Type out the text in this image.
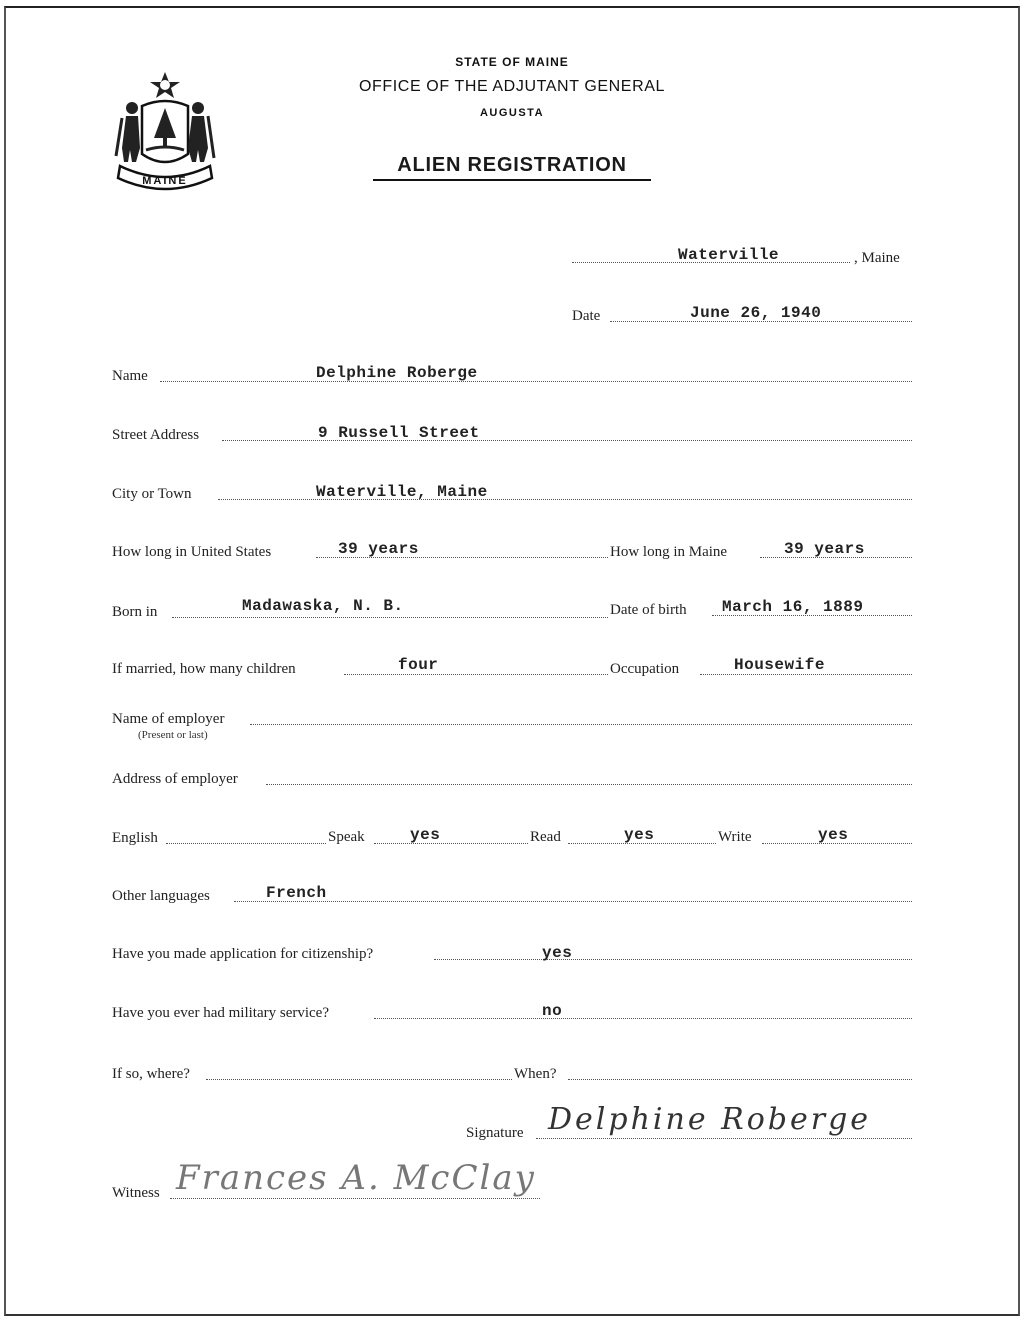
MAINE
STATE OF MAINE
OFFICE OF THE ADJUTANT GENERAL
AUGUSTA
ALIEN REGISTRATION
Waterville	, Maine
Date	June 26, 1940
Name	Delphine Roberge
Street Address	9 Russell Street
City or Town	Waterville, Maine
How long in United States	39 years	How long in Maine	39 years
Born in	Madawaska, N. B.	Date of birth March 16, 1889
If married, how many children	four	Occupation	Housewife
Name of employer
(Present or last)
Address of employer
English	Speak	yes	Read	yes	Write	yes
Other languages	French
Have you made application for citizenship?	yes
Have you ever had military service?	no
If so, where?	When?
Signature Delphine Roberge
Witness Frances A. McClay
